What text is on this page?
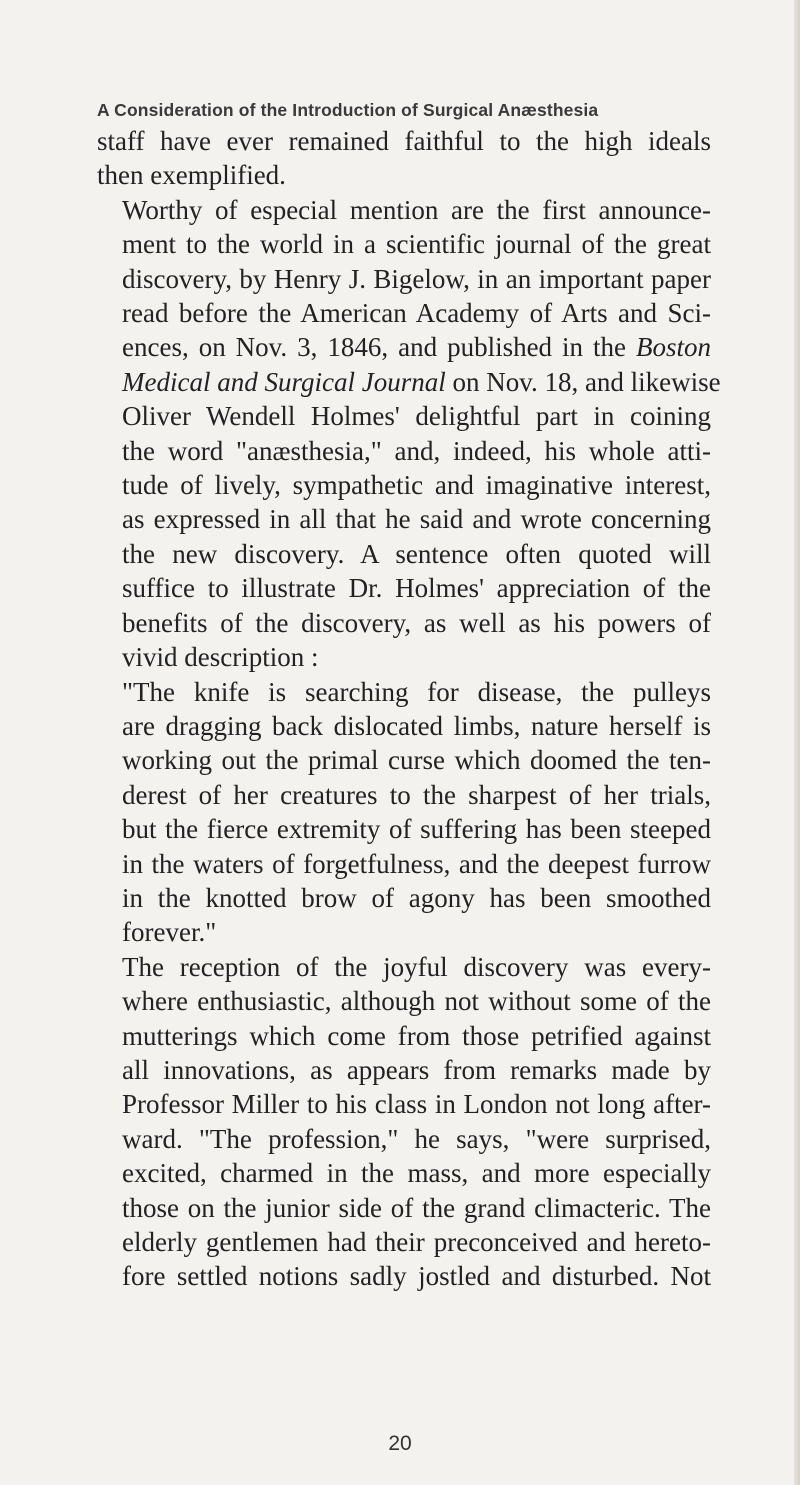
A Consideration of the Introduction of Surgical Anæsthesia

staff have ever remained faithful to the high ideals
then exemplified.

Worthy of especial mention are the first announce-
ment to the world in a scientific journal of the great
discovery, by Henry J. Bigelow, in an important paper
read before the American Academy of Arts and Sci-
ences, on Nov. 3, 1846, and published in the Boston
Medical and Surgical Journal on Nov. 18, and likewise
Oliver Wendell Holmes' delightful part in coining
the word "anæsthesia," and, indeed, his whole atti-
tude of lively, sympathetic and imaginative interest,
as expressed in all that he said and wrote concerning
the new discovery. A sentence often quoted will
suffice to illustrate Dr. Holmes' appreciation of the
benefits of the discovery, as well as his powers of
vivid description :

"The knife is searching for disease, the pulleys
are dragging back dislocated limbs, nature herself is
working out the primal curse which doomed the ten-
derest of her creatures to the sharpest of her trials,
but the fierce extremity of suffering has been steeped
in the waters of forgetfulness, and the deepest furrow
in the knotted brow of agony has been smoothed
forever."

The reception of the joyful discovery was every-
where enthusiastic, although not without some of the
mutterings which come from those petrified against
all innovations, as appears from remarks made by
Professor Miller to his class in London not long after-
ward. "The profession," he says, "were surprised,
excited, charmed in the mass, and more especially
those on the junior side of the grand climacteric. The
elderly gentlemen had their preconceived and hereto-
fore settled notions sadly jostled and disturbed. Not

20
